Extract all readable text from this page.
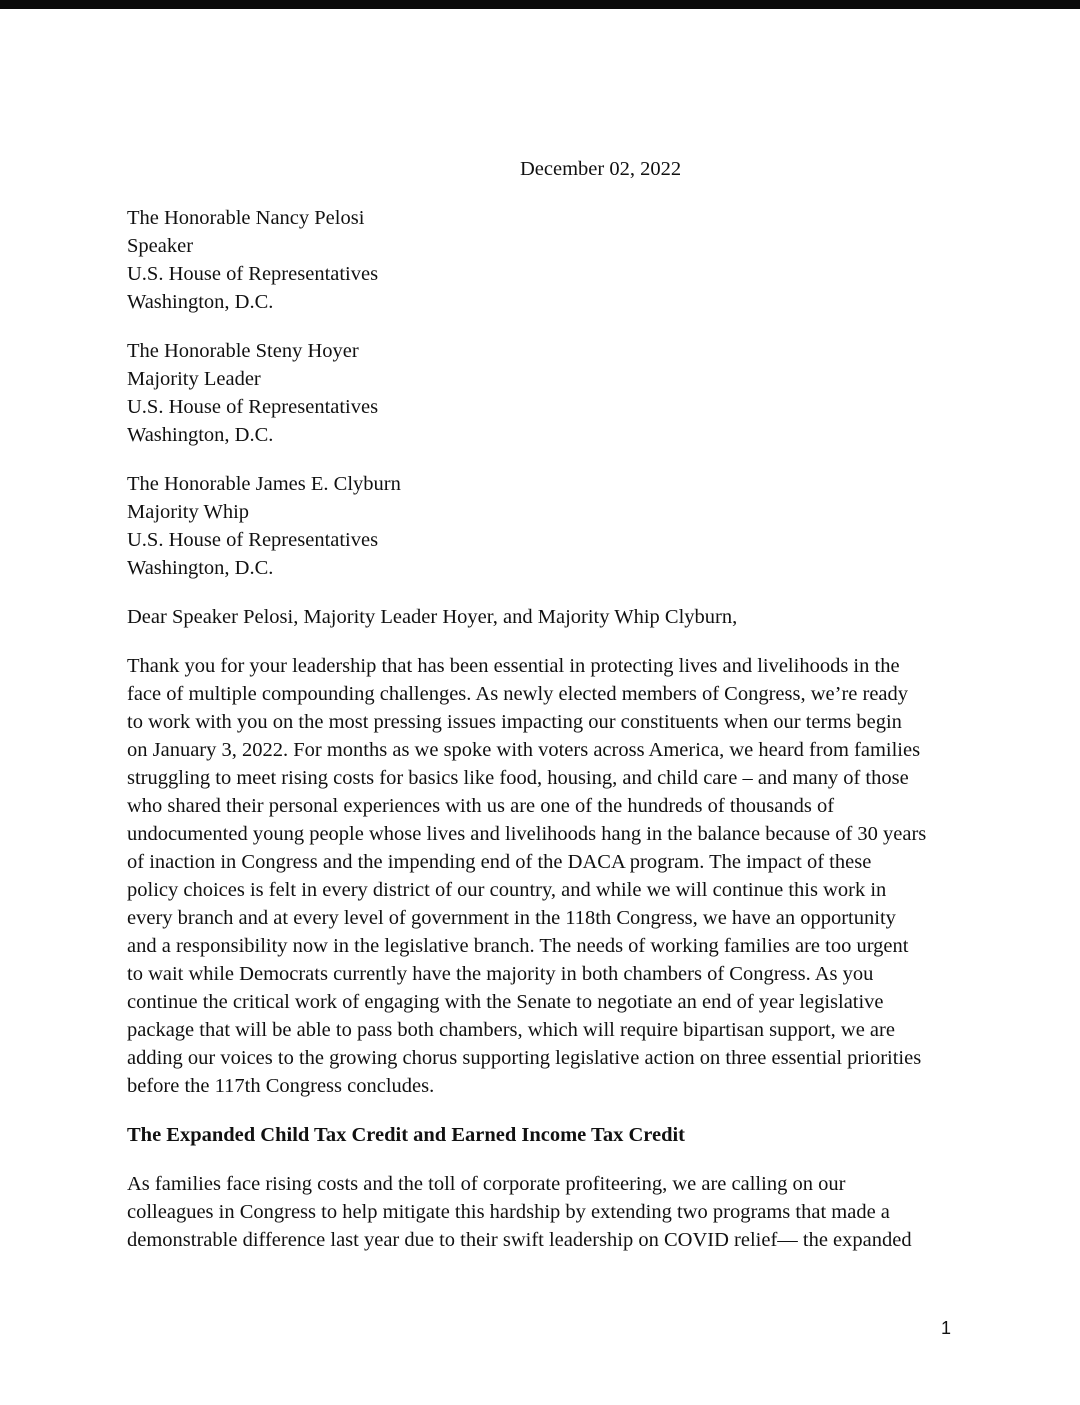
December 02, 2022
The Honorable Nancy Pelosi
Speaker
U.S. House of Representatives
Washington, D.C.
The Honorable Steny Hoyer
Majority Leader
U.S. House of Representatives
Washington, D.C.
The Honorable James E. Clyburn
Majority Whip
U.S. House of Representatives
Washington, D.C.
Dear Speaker Pelosi, Majority Leader Hoyer, and Majority Whip Clyburn,
Thank you for your leadership that has been essential in protecting lives and livelihoods in the
face of multiple compounding challenges. As newly elected members of Congress, we’re ready
to work with you on the most pressing issues impacting our constituents when our terms begin
on January 3, 2022. For months as we spoke with voters across America, we heard from families
struggling to meet rising costs for basics like food, housing, and child care – and many of those
who shared their personal experiences with us are one of the hundreds of thousands of
undocumented young people whose lives and livelihoods hang in the balance because of 30 years
of inaction in Congress and the impending end of the DACA program. The impact of these
policy choices is felt in every district of our country, and while we will continue this work in
every branch and at every level of government in the 118th Congress, we have an opportunity
and a responsibility now in the legislative branch. The needs of working families are too urgent
to wait while Democrats currently have the majority in both chambers of Congress. As you
continue the critical work of engaging with the Senate to negotiate an end of year legislative
package that will be able to pass both chambers, which will require bipartisan support, we are
adding our voices to the growing chorus supporting legislative action on three essential priorities
before the 117th Congress concludes.
The Expanded Child Tax Credit and Earned Income Tax Credit
As families face rising costs and the toll of corporate profiteering, we are calling on our
colleagues in Congress to help mitigate this hardship by extending two programs that made a
demonstrable difference last year due to their swift leadership on COVID relief— the expanded
1
